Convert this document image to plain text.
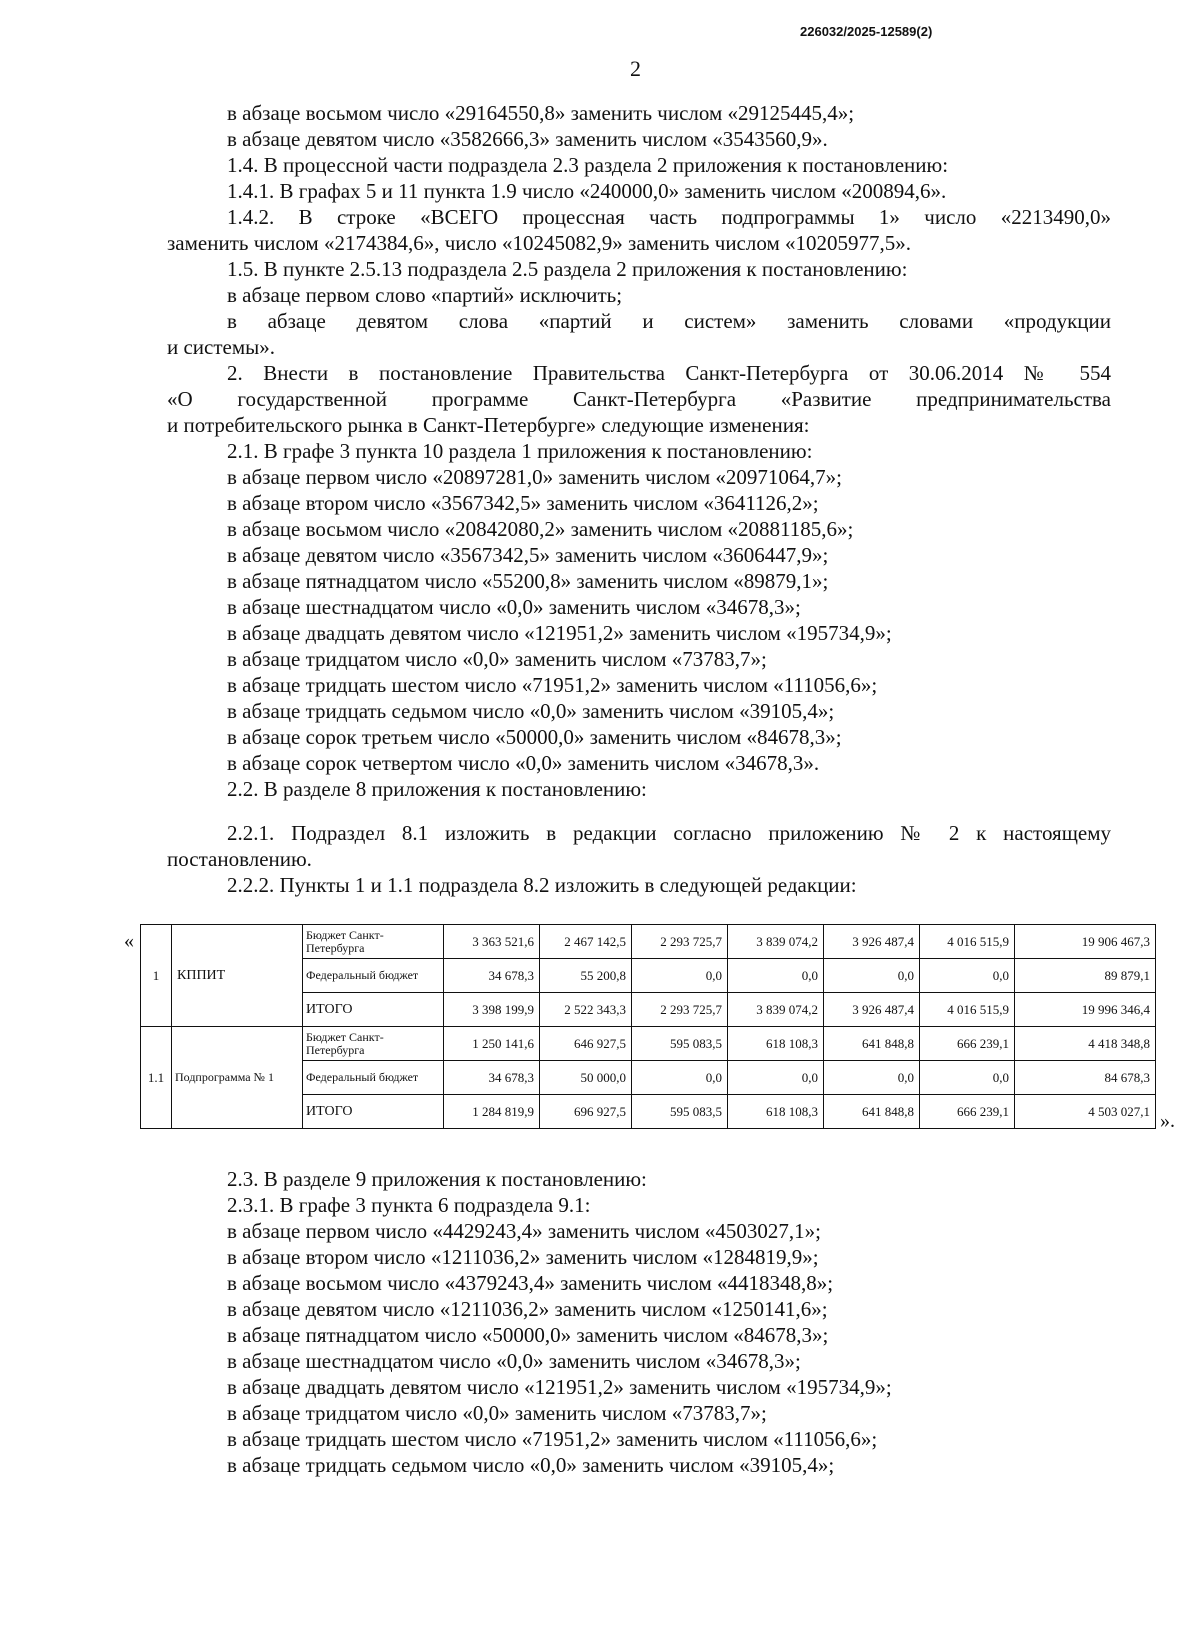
226032/2025-12589(2)
2
в абзаце восьмом число «29164550,8» заменить числом «29125445,4»;
в абзаце девятом число «3582666,3» заменить числом «3543560,9».
1.4. В процессной части подраздела 2.3 раздела 2 приложения к постановлению:
1.4.1. В графах 5 и 11 пункта 1.9 число «240000,0» заменить числом «200894,6».
1.4.2. В строке «ВСЕГО процессная часть подпрограммы 1» число «2213490,0»
заменить числом «2174384,6», число «10245082,9» заменить числом «10205977,5».
1.5. В пункте 2.5.13 подраздела 2.5 раздела 2 приложения к постановлению:
в абзаце первом слово «партий» исключить;
в абзаце девятом слова «партий и систем» заменить словами «продукции
и системы».
2. Внести в постановление Правительства Санкт-Петербурга от 30.06.2014 № 554
«О государственной программе Санкт-Петербурга «Развитие предпринимательства
и потребительского рынка в Санкт-Петербурге» следующие изменения:
2.1. В графе 3 пункта 10 раздела 1 приложения к постановлению:
в абзаце первом число «20897281,0» заменить числом «20971064,7»;
в абзаце втором число «3567342,5» заменить числом «3641126,2»;
в абзаце восьмом число «20842080,2» заменить числом «20881185,6»;
в абзаце девятом число «3567342,5» заменить числом «3606447,9»;
в абзаце пятнадцатом число «55200,8» заменить числом «89879,1»;
в абзаце шестнадцатом число «0,0» заменить числом «34678,3»;
в абзаце двадцать девятом число «121951,2» заменить числом «195734,9»;
в абзаце тридцатом число «0,0» заменить числом «73783,7»;
в абзаце тридцать шестом число «71951,2» заменить числом «111056,6»;
в абзаце тридцать седьмом число «0,0» заменить числом «39105,4»;
в абзаце сорок третьем число «50000,0» заменить числом «84678,3»;
в абзаце сорок четвертом число «0,0» заменить числом «34678,3».
2.2. В разделе 8 приложения к постановлению:
2.2.1. Подраздел 8.1 изложить в редакции согласно приложению № 2 к настоящему
постановлению.
2.2.2. Пункты 1 и 1.1 подраздела 8.2 изложить в следующей редакции:
«
1	КППИТ	Бюджет Санкт-Петербурга	3 363 521,6	2 467 142,5	2 293 725,7	3 839 074,2	3 926 487,4	4 016 515,9	19 906 467,3
		Федеральный бюджет	34 678,3	55 200,8	0,0	0,0	0,0	0,0	89 879,1
		ИТОГО	3 398 199,9	2 522 343,3	2 293 725,7	3 839 074,2	3 926 487,4	4 016 515,9	19 996 346,4
1.1	Подпрограмма № 1	Бюджет Санкт-Петербурга	1 250 141,6	646 927,5	595 083,5	618 108,3	641 848,8	666 239,1	4 418 348,8
		Федеральный бюджет	34 678,3	50 000,0	0,0	0,0	0,0	0,0	84 678,3
		ИТОГО	1 284 819,9	696 927,5	595 083,5	618 108,3	641 848,8	666 239,1	4 503 027,1 ».
2.3. В разделе 9 приложения к постановлению:
2.3.1. В графе 3 пункта 6 подраздела 9.1:
в абзаце первом число «4429243,4» заменить числом «4503027,1»;
в абзаце втором число «1211036,2» заменить числом «1284819,9»;
в абзаце восьмом число «4379243,4» заменить числом «4418348,8»;
в абзаце девятом число «1211036,2» заменить числом «1250141,6»;
в абзаце пятнадцатом число «50000,0» заменить числом «84678,3»;
в абзаце шестнадцатом число «0,0» заменить числом «34678,3»;
в абзаце двадцать девятом число «121951,2» заменить числом «195734,9»;
в абзаце тридцатом число «0,0» заменить числом «73783,7»;
в абзаце тридцать шестом число «71951,2» заменить числом «111056,6»;
в абзаце тридцать седьмом число «0,0» заменить числом «39105,4»;
